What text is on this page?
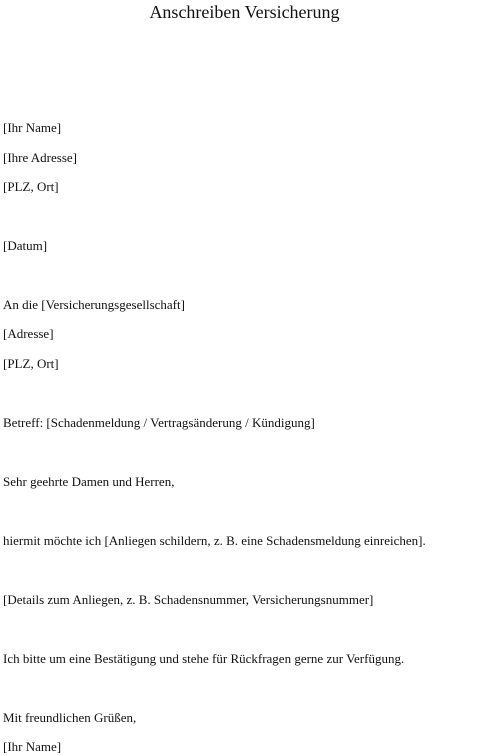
Anschreiben Versicherung
[Ihr Name]
[Ihre Adresse]
[PLZ, Ort]
[Datum]
An die [Versicherungsgesellschaft]
[Adresse]
[PLZ, Ort]
Betreff: [Schadenmeldung / Vertragsänderung / Kündigung]
Sehr geehrte Damen und Herren,
hiermit möchte ich [Anliegen schildern, z. B. eine Schadensmeldung einreichen].
[Details zum Anliegen, z. B. Schadensnummer, Versicherungsnummer]
Ich bitte um eine Bestätigung und stehe für Rückfragen gerne zur Verfügung.
Mit freundlichen Grüßen,
[Ihr Name]
